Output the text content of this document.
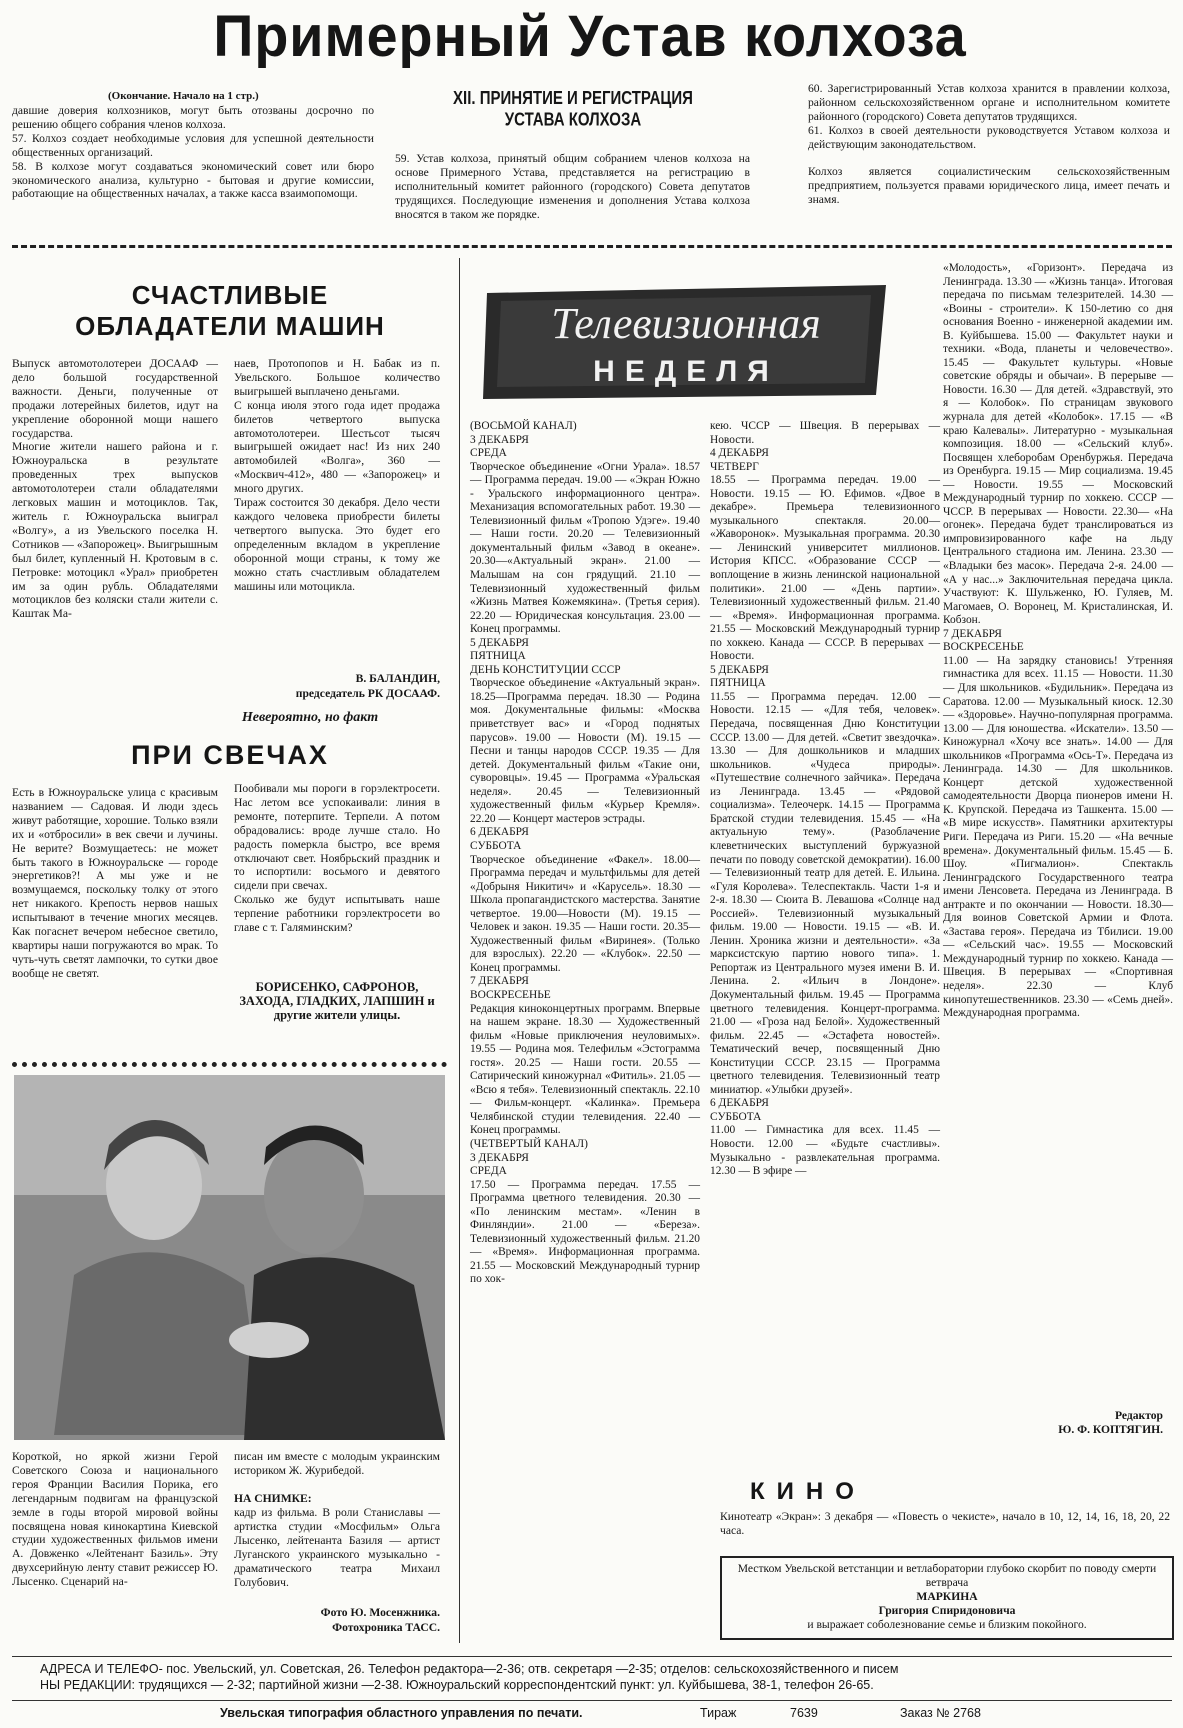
Примерный Устав колхоза

(Окончание. Начало на 1 стр.)

давшие доверия колхозников, могут быть отозваны досрочно по решению общего собрания членов колхоза.
57. Колхоз создает необходимые условия для успешной деятельности общественных организаций.
58. В колхозе могут создаваться экономический совет или бюро экономического анализа, культурно - бытовая и другие комиссии, работающие на общественных началах, а также касса взаимопомощи.

XII. ПРИНЯТИЕ И РЕГИСТРАЦИЯ
УСТАВА КОЛХОЗА

59. Устав колхоза, принятый общим собранием членов колхоза на основе Примерного Устава, представляется на регистрацию в исполнительный комитет районного (городского) Совета депутатов трудящихся. Последующие изменения и дополнения Устава колхоза вносятся в таком же порядке.

60. Зарегистрированный Устав колхоза хранится в правлении колхоза, районном сельскохозяйственном органе и исполнительном комитете районного (городского) Совета депутатов трудящихся.
61. Колхоз в своей деятельности руководствуется Уставом колхоза и действующим законодательством.

Колхоз является социалистическим сельскохозяйственным предприятием, пользуется правами юридического лица, имеет печать и знамя.

СЧАСТЛИВЫЕ
ОБЛАДАТЕЛИ МАШИН

Выпуск автомотолотереи ДОСААФ — дело большой государственной важности. Деньги, полученные от продажи лотерейных билетов, идут на укрепление оборонной мощи нашего государства.
Многие жители нашего района и г. Южноуральска в результате проведенных трех выпусков автомотолотереи стали обладателями легковых машин и мотоциклов. Так, житель г. Южноуральска выиграл «Волгу», а из Увельского поселка Н. Сотников — «Запорожец». Выигрышным был билет, купленный Н. Кротовым в с. Петровке: мотоцикл «Урал» приобретен им за один рубль. Обладателями мотоциклов без коляски стали жители с. Каштак Ма-

наев, Протопопов и Н. Бабак из п. Увельского. Большое количество выигрышей выплачено деньгами.
С конца июля этого года идет продажа билетов четвертого выпуска автомотолотереи. Шестьсот тысяч выигрышей ожидает нас! Из них 240 автомобилей «Волга», 360 — «Москвич-412», 480 — «Запорожец» и много других.
Тираж состоится 30 декабря. Дело чести каждого человека приобрести билеты четвертого выпуска. Это будет его определенным вкладом в укрепление оборонной мощи страны, к тому же можно стать счастливым обладателем машины или мотоцикла.

В. БАЛАНДИН,

председатель РК ДОСААФ.

Невероятно, но факт
ПРИ СВЕЧАХ

Есть в Южноуральске улица с красивым названием — Садовая. И люди здесь живут работящие, хорошие. Только взяли их и «отбросили» в век свечи и лучины. Не верите? Возмущаетесь: не может быть такого в Южноуральске — городе энергетиков?! А мы уже и не возмущаемся, поскольку толку от этого нет никакого. Крепость нервов нашых испытывают в течение многих месяцев. Как погаснет вечером небесное светило, квартиры наши погружаются во мрак. То чуть-чуть светят лампочки, то сутки двое вообще не светят.

Пообивали мы пороги в горэлектросети. Нас летом все успокаивали: линия в ремонте, потерпите. Терпели. А потом обрадовались: вроде лучше стало. Но радость померкла быстро, все время отключают свет. Ноябрьский праздник и то испортили: восьмого и девятого сидели при свечах.
Сколько же будут испытывать наше терпение работники горэлектросети во главе с т. Галяминским?

БОРИСЕНКО, САФРОНОВ, ЗАХОДА, ГЛАДКИХ, ЛАПШИН и другие жители улицы.

Короткой, но яркой жизни Герой Советского Союза и национального героя Франции Василия Порика, его легендарным подвигам на французской земле в годы второй мировой войны посвящена новая кинокартина Киевской студии художественных фильмов имени А. Довженко «Лейтенант Базиль». Эту двухсерийную ленту ставит режиссер Ю. Лысенко. Сценарий на-

писан им вместе с молодым украинским историком Ж. Журибедой.

НА СНИМКЕ:

кадр из фильма. В роли Станиславы — артистка студии «Мосфильм» Ольга Лысенко, лейтенанта Базиля — артист Луганского украинского музыкально - драматического театра Михаил Голубович.

Фото Ю. Мосенжника.

Фотохроника ТАСС.

Телевизионная
НЕДЕЛЯ

(ВОСЬМОЙ КАНАЛ)
3 ДЕКАБРЯ
СРЕДА
Творческое объединение «Огни Урала». 18.57 — Программа передач. 19.00 — «Экран Южно - Уральского информационного центра». Механизация вспомогательных работ. 19.30 — Телевизионный фильм «Тропою Удэге». 19.40 — Наши гости. 20.20 — Телевизионный документальный фильм «Завод в океане». 20.30—«Актуальный экран». 21.00 — Малышам на сон грядущий. 21.10 — Телевизионный художественный фильм «Жизнь Матвея Кожемякина». (Третья серия). 22.20 — Юридическая консультация. 23.00 — Конец программы.
5 ДЕКАБРЯ
ПЯТНИЦА
ДЕНЬ КОНСТИТУЦИИ СССР
Творческое объединение «Актуальный экран». 18.25—Программа передач. 18.30 — Родина моя. Документальные фильмы: «Москва приветствует вас» и «Город поднятых парусов». 19.00 — Новости (М). 19.15 — Песни и танцы народов СССР. 19.35 — Для детей. Документальный фильм «Такие они, суворовцы». 19.45 — Программа «Уральская неделя». 20.45 — Телевизионный художественный фильм «Курьер Кремля». 22.20 — Концерт мастеров эстрады.
6 ДЕКАБРЯ
СУББОТА
Творческое объединение «Факел». 18.00—Программа передач и мультфильмы для детей «Добрыня Никитич» и «Карусель». 18.30 — Школа пропагандистского мастерства. Занятие четвертое. 19.00—Новости (М). 19.15 — Человек и закон. 19.35 — Наши гости. 20.35— Художественный фильм «Виринея». (Только для взрослых). 22.20 — «Клубок». 22.50 — Конец программы.
7 ДЕКАБРЯ
ВОСКРЕСЕНЬЕ
Редакция киноконцертных программ. Впервые на нашем экране. 18.30 — Художественный фильм «Новые приключения неуловимых». 19.55 — Родина моя. Телефильм «Эстограмма гостя». 20.25 — Наши гости. 20.55 — Сатирический киножурнал «Фитиль». 21.05 — «Всю я тебя». Телевизионный спектакль. 22.10 — Фильм-концерт. «Калинка». Премьера Челябинской студии телевидения. 22.40 — Конец программы.
(ЧЕТВЕРТЫЙ КАНАЛ)
3 ДЕКАБРЯ
СРЕДА
17.50 — Программа передач. 17.55 — Программа цветного телевидения. 20.30 — «По ленинским местам». «Ленин в Финляндии». 21.00 — «Береза». Телевизионный художественный фильм. 21.20 — «Время». Информационная программа. 21.55 — Московский Международный турнир по хок-

кею. ЧССР — Швеция. В перерывах — Новости.
4 ДЕКАБРЯ
ЧЕТВЕРГ
18.55 — Программа передач. 19.00 — Новости. 19.15 — Ю. Ефимов. «Двое в декабре». Премьера телевизионного музыкального спектакля. 20.00— «Жаворонок». Музыкальная программа. 20.30 — Ленинский университет миллионов. История КПСС. «Образование СССР — воплощение в жизнь ленинской национальной политики». 21.00 — «День партии». Телевизионный художественный фильм. 21.40 — «Время». Информационная программа. 21.55 — Московский Международный турнир по хоккею. Канада — СССР. В перерывах — Новости.
5 ДЕКАБРЯ
ПЯТНИЦА
11.55 — Программа передач. 12.00 — Новости. 12.15 — «Для тебя, человек». Передача, посвященная Дню Конституции СССР. 13.00 — Для детей. «Светит звездочка». 13.30 — Для дошкольников и младших школьников. «Чудеса природы». «Путешествие солнечного зайчика». Передача из Ленинграда. 13.45 — «Рядовой социализма». Телеочерк. 14.15 — Программа Братской студии телевидения. 15.45 — «На актуальную тему». (Разоблачение клеветнических выступлений буржуазной печати по поводу советской демократии). 16.00 — Телевизионный театр для детей. Е. Ильина. «Гуля Королева». Телеспектакль. Части 1-я и 2-я. 18.30 — Сюита В. Левашова «Солнце над Россией». Телевизионный музыкальный фильм. 19.00 — Новости. 19.15 — «В. И. Ленин. Хроника жизни и деятельности». «За марксистскую партию нового типа». 1. Репортаж из Центрального музея имени В. И. Ленина. 2. «Ильич в Лондоне». Документальный фильм. 19.45 — Программа цветного телевидения. Концерт-программа. 21.00 — «Гроза над Белой». Художественный фильм. 22.45 — «Эстафета новостей». Тематический вечер, посвященный Дню Конституции СССР. 23.15 — Программа цветного телевидения. Телевизионный театр миниатюр. «Улыбки друзей».
6 ДЕКАБРЯ
СУББОТА
11.00 — Гимнастика для всех. 11.45 — Новости. 12.00 — «Будьте счастливы». Музыкально - развлекательная программа. 12.30 — В эфире —

«Молодость», «Горизонт». Передача из Ленинграда. 13.30 — «Жизнь танца». Итоговая передача по письмам телезрителей. 14.30 — «Воины - строители». К 150-летию со дня основания Военно - инженерной академии им. В. Куйбышева. 15.00 — Факультет науки и техники. «Вода, планеты и человечество». 15.45 — Факультет культуры. «Новые советские обряды и обычаи». В перерыве — Новости. 16.30 — Для детей. «Здравствуй, это я — Колобок». По страницам звукового журнала для детей «Колобок». 17.15 — «В краю Калевалы». Литературно - музыкальная композиция. 18.00 — «Сельский клуб». Посвящен хлеборобам Оренбуржья. Передача из Оренбурга. 19.15 — Мир социализма. 19.45 — Новости. 19.55 — Московский Международный турнир по хоккею. СССР — ЧССР. В перерывах — Новости. 22.30— «На огонек». Передача будет транслироваться из импровизированного кафе на льду Центрального стадиона им. Ленина. 23.30 — «Владыки без масок». Передача 2-я. 24.00 — «А у нас...» Заключительная передача цикла. Участвуют: К. Шульженко, Ю. Гуляев, М. Магомаев, О. Воронец, М. Кристалинская, И. Кобзон.
7 ДЕКАБРЯ
ВОСКРЕСЕНЬЕ
11.00 — На зарядку становись! Утренняя гимнастика для всех. 11.15 — Новости. 11.30 — Для школьников. «Будильник». Передача из Саратова. 12.00 — Музыкальный киоск. 12.30 — «Здоровье». Научно-популярная программа. 13.00 — Для юношества. «Искатели». 13.50 — Киножурнал «Хочу все знать». 14.00 — Для школьников «Программа «Ось-Т». Передача из Ленинграда. 14.30 — Для школьников. Концерт детской художественной самодеятельности Дворца пионеров имени Н. К. Крупской. Передача из Ташкента. 15.00 — «В мире искусств». Памятники архитектуры Риги. Передача из Риги. 15.20 — «На вечные времена». Документальный фильм. 15.45 — Б. Шоу. «Пигмалион». Спектакль Ленинградского Государственного театра имени Ленсовета. Передача из Ленинграда. В антракте и по окончании — Новости. 18.30— Для воинов Советской Армии и Флота. «Застава героя». Передача из Тбилиси. 19.00 — «Сельский час». 19.55 — Московский Международный турнир по хоккею. Канада — Швеция. В перерывах — «Спортивная неделя». 22.30 — Клуб кинопутешественников. 23.30 — «Семь дней». Международная программа.

Редактор

Ю. Ф. КОПТЯГИН.

КИНО

Кинотеатр «Экран»: 3 декабря — «Повесть о чекисте», начало в 10, 12, 14, 16, 18, 20, 22 часа.

Местком Увельской ветстанции и ветлаборатории глубоко скорбит по поводу смерти ветврача

МАРКИНА

Григория Спиридоновича

и выражает соболезнование семье и близким покойного.

АДРЕСА И ТЕЛЕФО- пос. Увельский, ул. Советская, 26. Телефон редактора—2-36; отв. секретаря —2-35; отделов: сельскохозяйственного и писем
НЫ РЕДАКЦИИ: трудящихся — 2-32; партийной жизни —2-38. Южноуральский корреспондентский пункт: ул. Куйбышева, 38-1, телефон 26-65.
Увельская типография областного управления по печати.	Тираж	7639	Заказ № 2768
